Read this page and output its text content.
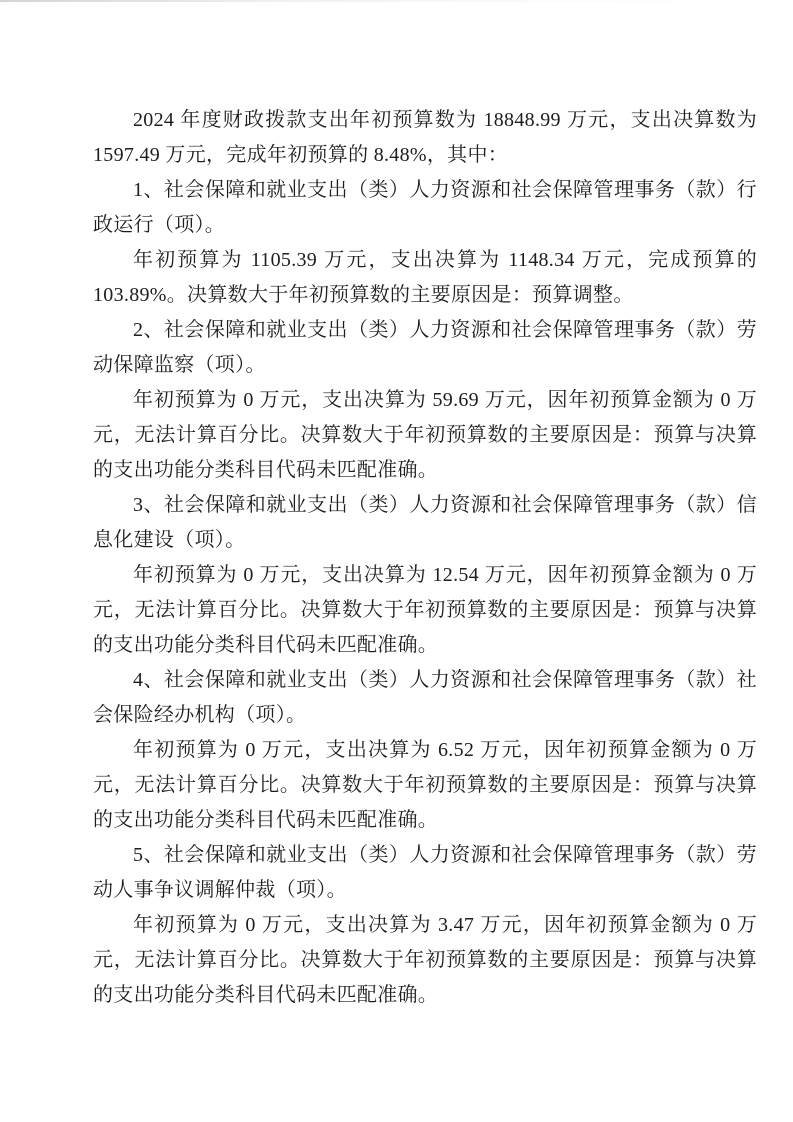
2024 年度财政拨款支出年初预算数为 18848.99 万元，支出决算数为 1597.49 万元，完成年初预算的 8.48%，其中：

1、社会保障和就业支出（类）人力资源和社会保障管理事务（款）行政运行（项）。

年初预算为 1105.39 万元，支出决算为 1148.34 万元，完成预算的 103.89%。决算数大于年初预算数的主要原因是：预算调整。

2、社会保障和就业支出（类）人力资源和社会保障管理事务（款）劳动保障监察（项）。

年初预算为 0 万元，支出决算为 59.69 万元，因年初预算金额为 0 万元，无法计算百分比。决算数大于年初预算数的主要原因是：预算与决算的支出功能分类科目代码未匹配准确。

3、社会保障和就业支出（类）人力资源和社会保障管理事务（款）信息化建设（项）。

年初预算为 0 万元，支出决算为 12.54 万元，因年初预算金额为 0 万元，无法计算百分比。决算数大于年初预算数的主要原因是：预算与决算的支出功能分类科目代码未匹配准确。

4、社会保障和就业支出（类）人力资源和社会保障管理事务（款）社会保险经办机构（项）。

年初预算为 0 万元，支出决算为 6.52 万元，因年初预算金额为 0 万元，无法计算百分比。决算数大于年初预算数的主要原因是：预算与决算的支出功能分类科目代码未匹配准确。

5、社会保障和就业支出（类）人力资源和社会保障管理事务（款）劳动人事争议调解仲裁（项）。

年初预算为 0 万元，支出决算为 3.47 万元，因年初预算金额为 0 万元，无法计算百分比。决算数大于年初预算数的主要原因是：预算与决算的支出功能分类科目代码未匹配准确。
